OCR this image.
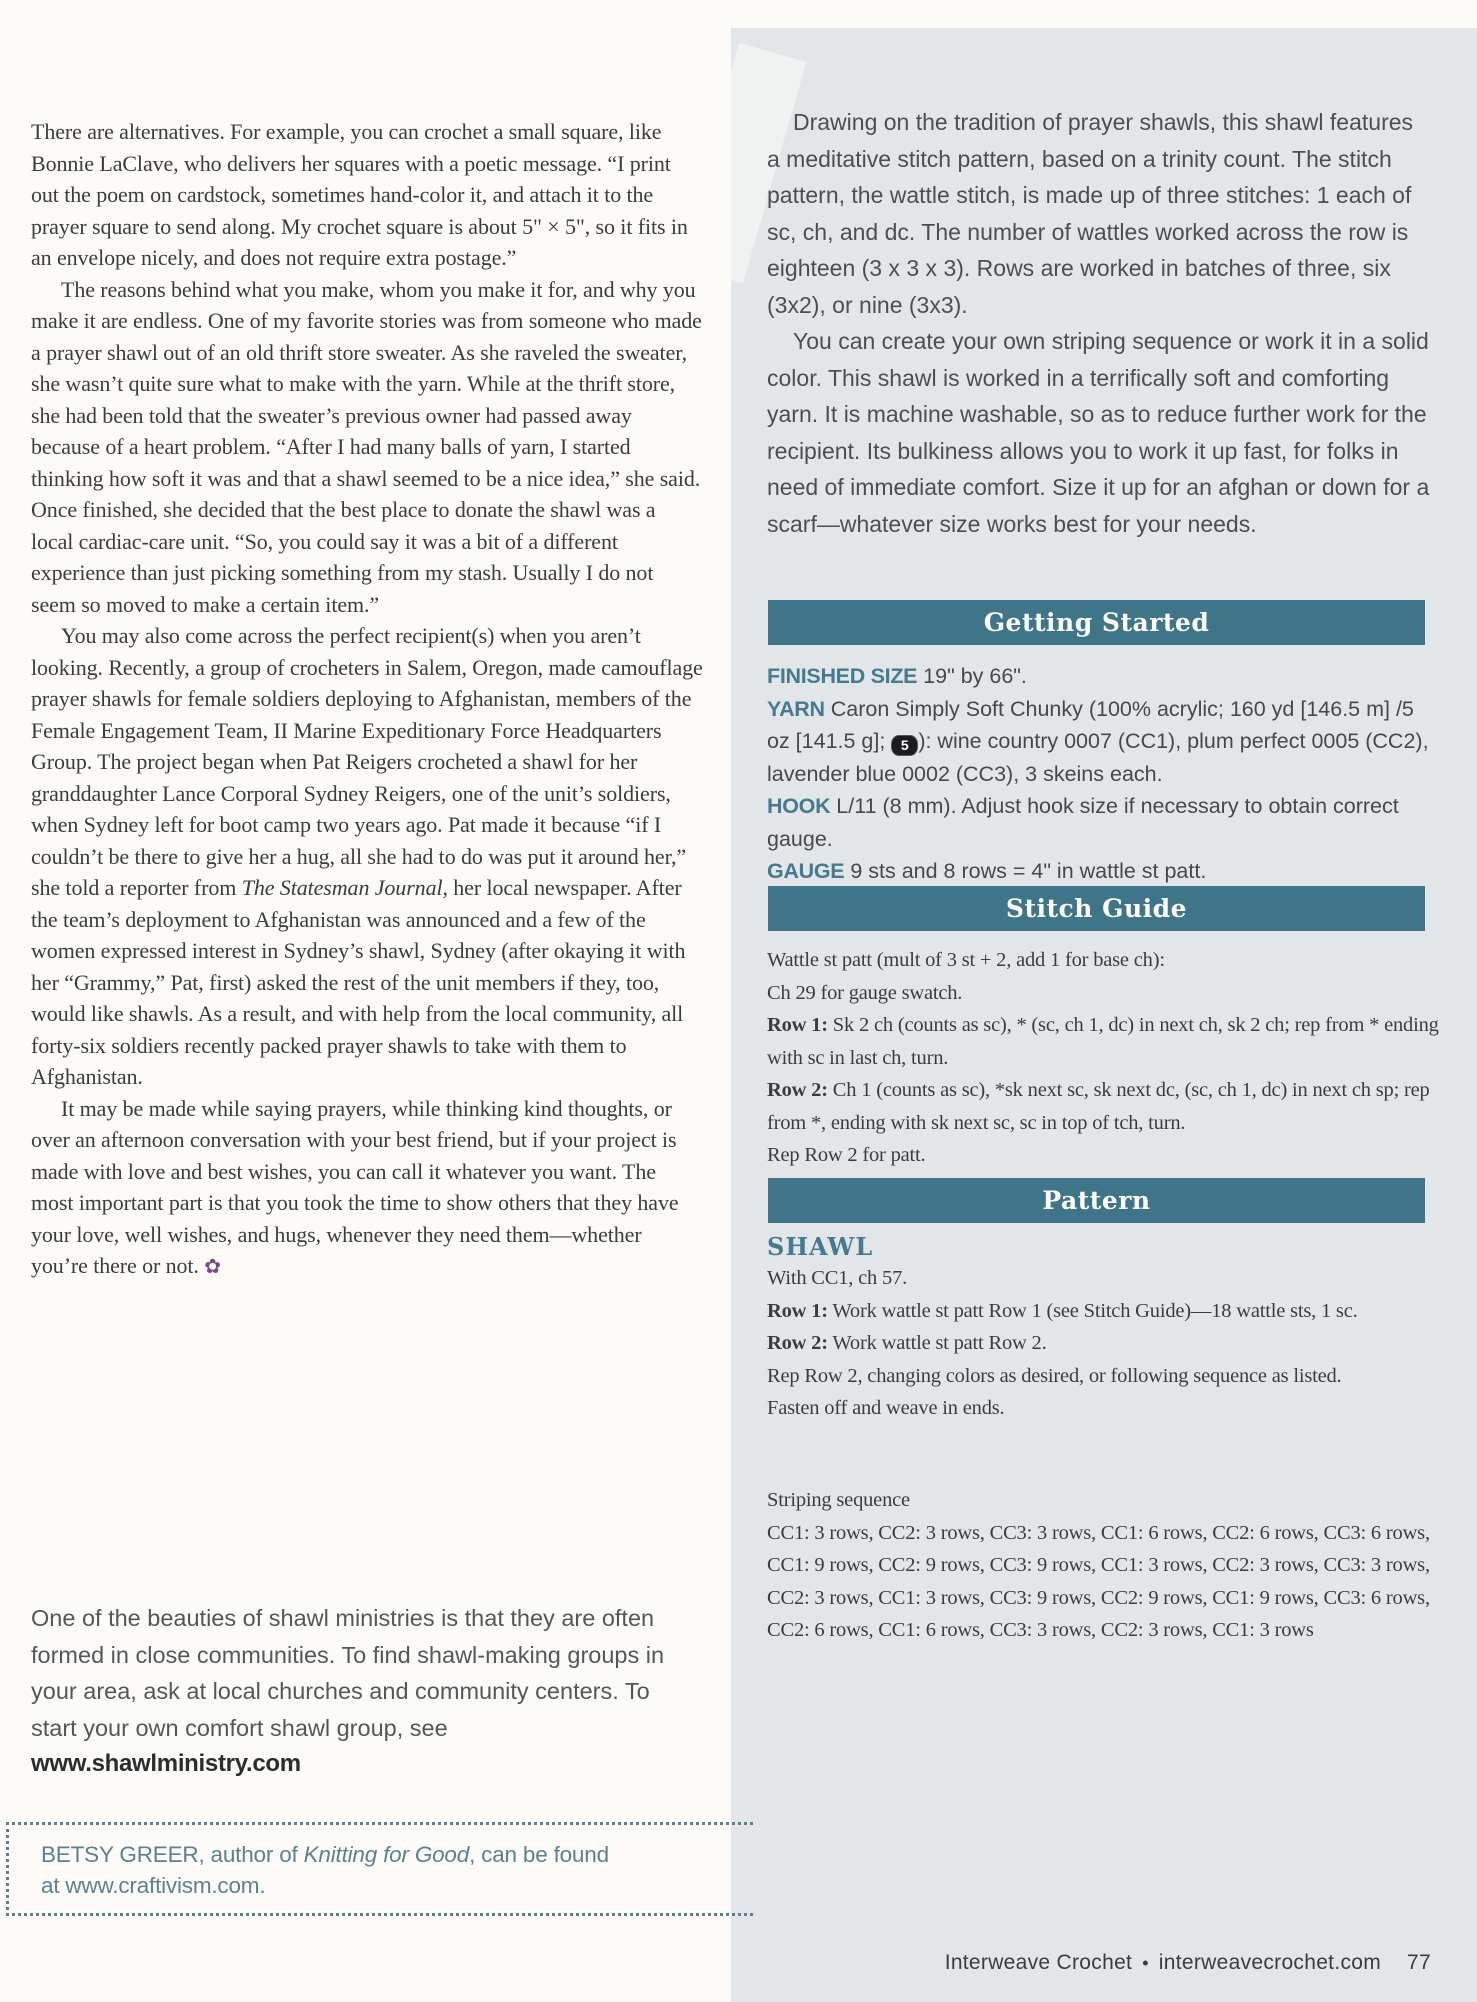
There are alternatives. For example, you can crochet a small square, like Bonnie LaClave, who delivers her squares with a poetic message. “I print out the poem on cardstock, sometimes hand-color it, and attach it to the prayer square to send along. My crochet square is about 5" × 5", so it fits in an envelope nicely, and does not require extra postage.”

The reasons behind what you make, whom you make it for, and why you make it are endless. One of my favorite stories was from someone who made a prayer shawl out of an old thrift store sweater. As she raveled the sweater, she wasn’t quite sure what to make with the yarn. While at the thrift store, she had been told that the sweater’s previous owner had passed away because of a heart problem. “After I had many balls of yarn, I started thinking how soft it was and that a shawl seemed to be a nice idea,” she said. Once finished, she decided that the best place to donate the shawl was a local cardiac-care unit. “So, you could say it was a bit of a different experience than just picking something from my stash. Usually I do not seem so moved to make a certain item.”

You may also come across the perfect recipient(s) when you aren’t looking. Recently, a group of crocheters in Salem, Oregon, made camouflage prayer shawls for female soldiers deploying to Afghanistan, members of the Female Engagement Team, II Marine Expeditionary Force Headquarters Group. The project began when Pat Reigers crocheted a shawl for her granddaughter Lance Corporal Sydney Reigers, one of the unit’s soldiers, when Sydney left for boot camp two years ago. Pat made it because “if I couldn’t be there to give her a hug, all she had to do was put it around her,” she told a reporter from The Statesman Journal, her local newspaper. After the team’s deployment to Afghanistan was announced and a few of the women expressed interest in Sydney’s shawl, Sydney (after okaying it with her “Grammy,” Pat, first) asked the rest of the unit members if they, too, would like shawls. As a result, and with help from the local community, all forty-six soldiers recently packed prayer shawls to take with them to Afghanistan.

It may be made while saying prayers, while thinking kind thoughts, or over an afternoon conversation with your best friend, but if your project is made with love and best wishes, you can call it whatever you want. The most important part is that you took the time to show others that they have your love, well wishes, and hugs, whenever they need them—whether you’re there or not. ✿

One of the beauties of shawl ministries is that they are often formed in close communities. To find shawl-making groups in your area, ask at local churches and community centers. To start your own comfort shawl group, see
www.shawlministry.com
BETSY GREER, author of Knitting for Good, can be found
at www.craftivism.com.

Drawing on the tradition of prayer shawls, this shawl features a meditative stitch pattern, based on a trinity count. The stitch pattern, the wattle stitch, is made up of three stitches: 1 each of sc, ch, and dc. The number of wattles worked across the row is eighteen (3 x 3 x 3). Rows are worked in batches of three, six (3x2), or nine (3x3).

You can create your own striping sequence or work it in a solid color. This shawl is worked in a terrifically soft and comforting yarn. It is machine washable, so as to reduce further work for the recipient. Its bulkiness allows you to work it up fast, for folks in need of immediate comfort. Size it up for an afghan or down for a scarf—whatever size works best for your needs.

Getting Started

FINISHED SIZE 19" by 66".

YARN Caron Simply Soft Chunky (100% acrylic; 160 yd [146.5 m] /5 oz [141.5 g]; 5 ): wine country 0007 (CC1), plum perfect 0005 (CC2), lavender blue 0002 (CC3), 3 skeins each.

HOOK L/11 (8 mm). Adjust hook size if necessary to obtain correct gauge.

GAUGE 9 sts and 8 rows = 4" in wattle st patt.

Stitch Guide

Wattle st patt (mult of 3 st + 2, add 1 for base ch):

Ch 29 for gauge swatch.

Row 1: Sk 2 ch (counts as sc), * (sc, ch 1, dc) in next ch, sk 2 ch; rep from * ending with sc in last ch, turn.

Row 2: Ch 1 (counts as sc), *sk next sc, sk next dc, (sc, ch 1, dc) in next ch sp; rep from *, ending with sk next sc, sc in top of tch, turn.

Rep Row 2 for patt.

Pattern

SHAWL

With CC1, ch 57.

Row 1: Work wattle st patt Row 1 (see Stitch Guide)—18 wattle sts, 1 sc.

Row 2: Work wattle st patt Row 2.

Rep Row 2, changing colors as desired, or following sequence as listed.

Fasten off and weave in ends.

Striping sequence

CC1: 3 rows, CC2: 3 rows, CC3: 3 rows, CC1: 6 rows, CC2: 6 rows, CC3: 6 rows, CC1: 9 rows, CC2: 9 rows, CC3: 9 rows, CC1: 3 rows, CC2: 3 rows, CC3: 3 rows, CC2: 3 rows, CC1: 3 rows, CC3: 9 rows, CC2: 9 rows, CC1: 9 rows, CC3: 6 rows, CC2: 6 rows, CC1: 6 rows, CC3: 3 rows, CC2: 3 rows, CC1: 3 rows

Interweave Crochet • interweavecrochet.com 77
